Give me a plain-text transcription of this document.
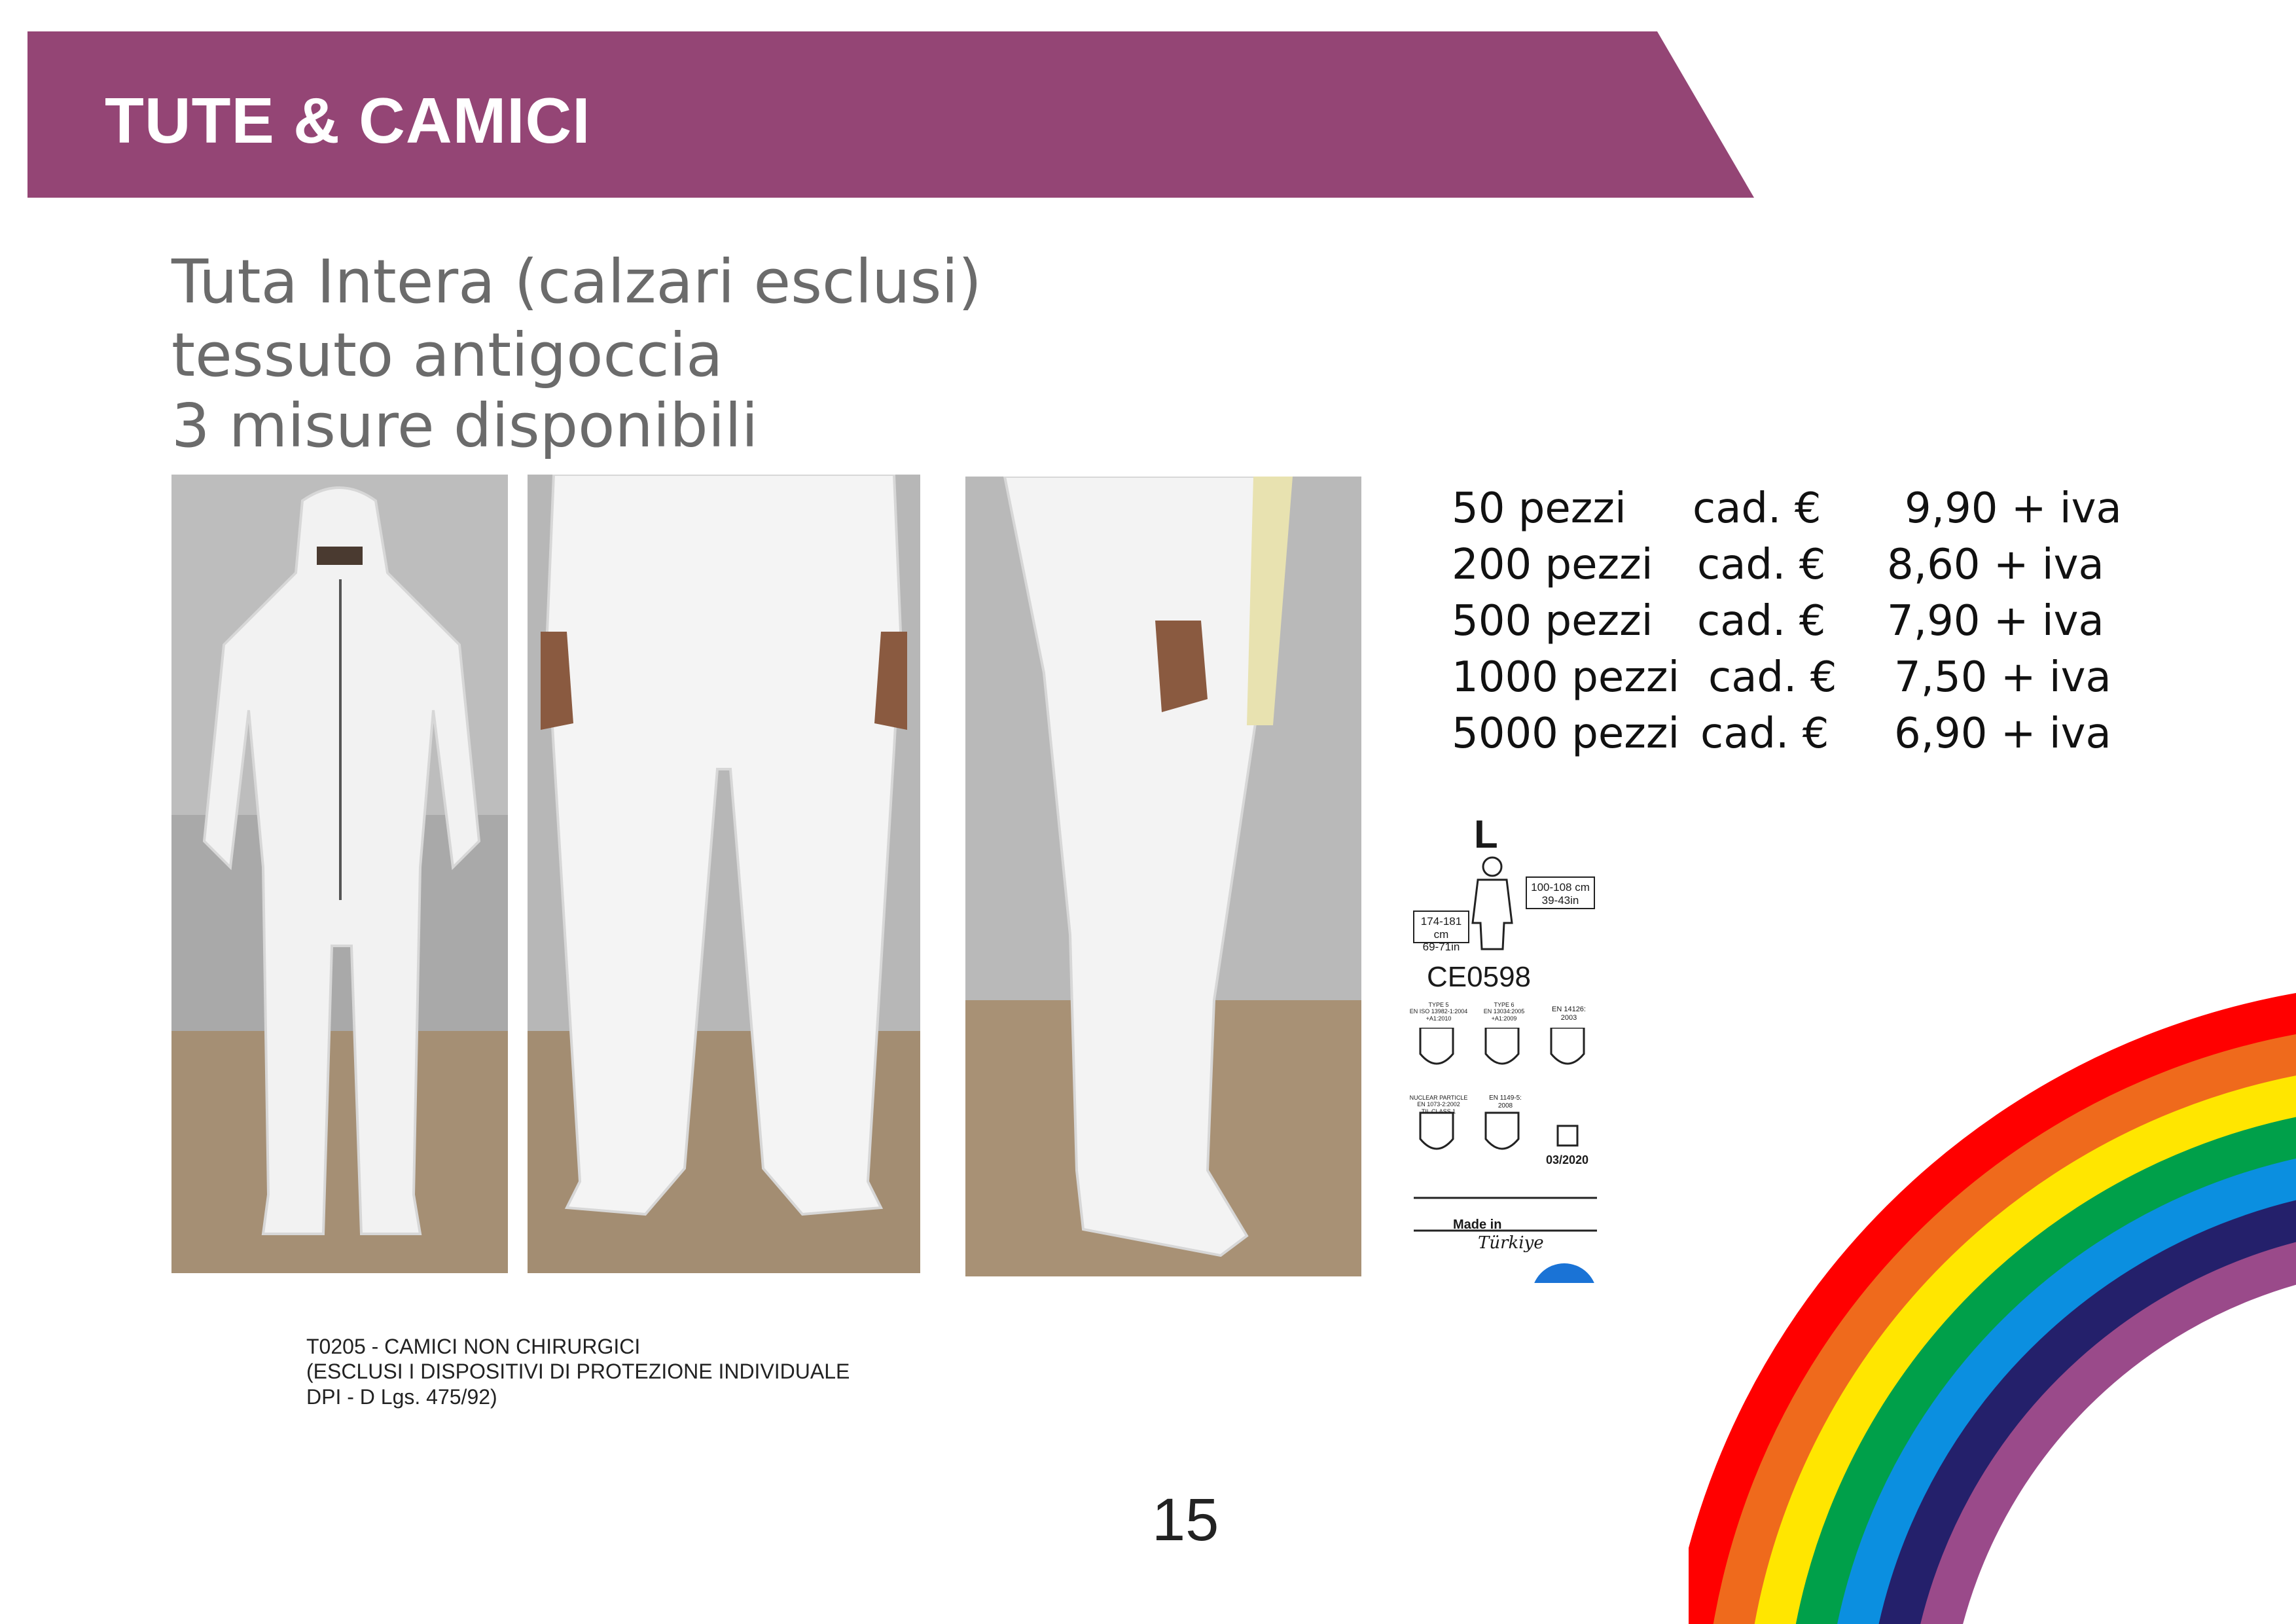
TUTE & CAMICI
Tuta Intera (calzari esclusi)
tessuto antigoccia
3 misure disponibili
50 pezzi cad. € 9,90 + iva
200 pezzi cad. € 8,60 + iva
500 pezzi cad. € 7,90 + iva
1000 pezzi cad. € 7,50 + iva
5000 pezzi cad. € 6,90 + iva
L
174-181 cm
69-71in
100-108 cm
39-43in
CE0598
TYPE 5
EN ISO 13982-1:2004
+A1:2010
TYPE 6
EN 13034:2005
+A1:2009
EN 14126:
2003
NUCLEAR PARTICLE
EN 1073-2:2002
TIL CLASS 1
EN 1149-5:
2008
03/2020
Made in
Türkiye
T0205 - CAMICI NON CHIRURGICI
(ESCLUSI I DISPOSITIVI DI PROTEZIONE INDIVIDUALE
DPI - D Lgs. 475/92)
15
